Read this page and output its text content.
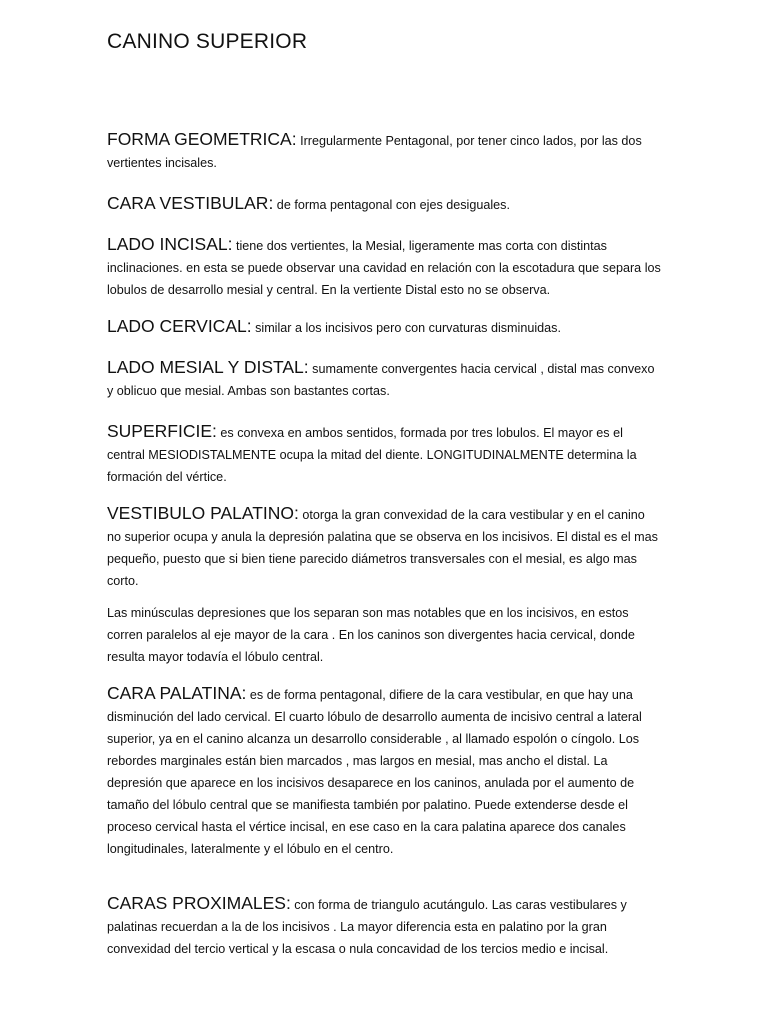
CANINO SUPERIOR

FORMA GEOMETRICA: Irregularmente Pentagonal, por tener cinco lados, por las dos vertientes incisales.

CARA VESTIBULAR: de forma pentagonal con ejes desiguales.

LADO INCISAL: tiene dos vertientes, la Mesial, ligeramente mas corta con distintas inclinaciones. en esta se puede observar una cavidad en relación con la escotadura que separa los lobulos de desarrollo mesial y central. En la vertiente Distal esto no se observa.

LADO CERVICAL: similar a los incisivos pero con curvaturas disminuidas.

LADO MESIAL Y DISTAL: sumamente convergentes hacia cervical , distal mas convexo y oblicuo que mesial. Ambas son bastantes cortas.

SUPERFICIE: es convexa en ambos sentidos, formada por tres lobulos. El mayor es el central MESIODISTALMENTE ocupa la mitad del diente. LONGITUDINALMENTE determina la formación del vértice.

VESTIBULO PALATINO: otorga la gran convexidad de la cara vestibular y en el canino no superior ocupa y anula la depresión palatina que se observa en los incisivos. El distal es el mas pequeño, puesto que si bien tiene parecido diámetros transversales con el mesial, es algo mas corto.

Las minúsculas depresiones que los separan son mas notables que en los incisivos, en estos corren paralelos al eje mayor de la cara . En los caninos son divergentes hacia cervical, donde resulta mayor todavía el lóbulo central.

CARA PALATINA: es de forma pentagonal, difiere de la cara vestibular, en que hay una disminución del lado cervical. El cuarto lóbulo de desarrollo aumenta de incisivo central a lateral superior, ya en el canino alcanza un desarrollo considerable , al llamado espolón o cíngolo. Los rebordes marginales están bien marcados , mas largos en mesial, mas ancho el distal. La depresión que aparece en los incisivos desaparece en los caninos, anulada por el aumento de tamaño del lóbulo central que se manifiesta también por palatino. Puede extenderse desde el proceso cervical hasta el vértice incisal, en ese caso en la cara palatina aparece dos canales longitudinales, lateralmente y el lóbulo en el centro.

CARAS PROXIMALES: con forma de triangulo acutángulo. Las caras vestibulares y palatinas recuerdan a la de los incisivos . La mayor diferencia esta en palatino por la gran convexidad del tercio vertical y la escasa o nula concavidad de los tercios medio e incisal.
